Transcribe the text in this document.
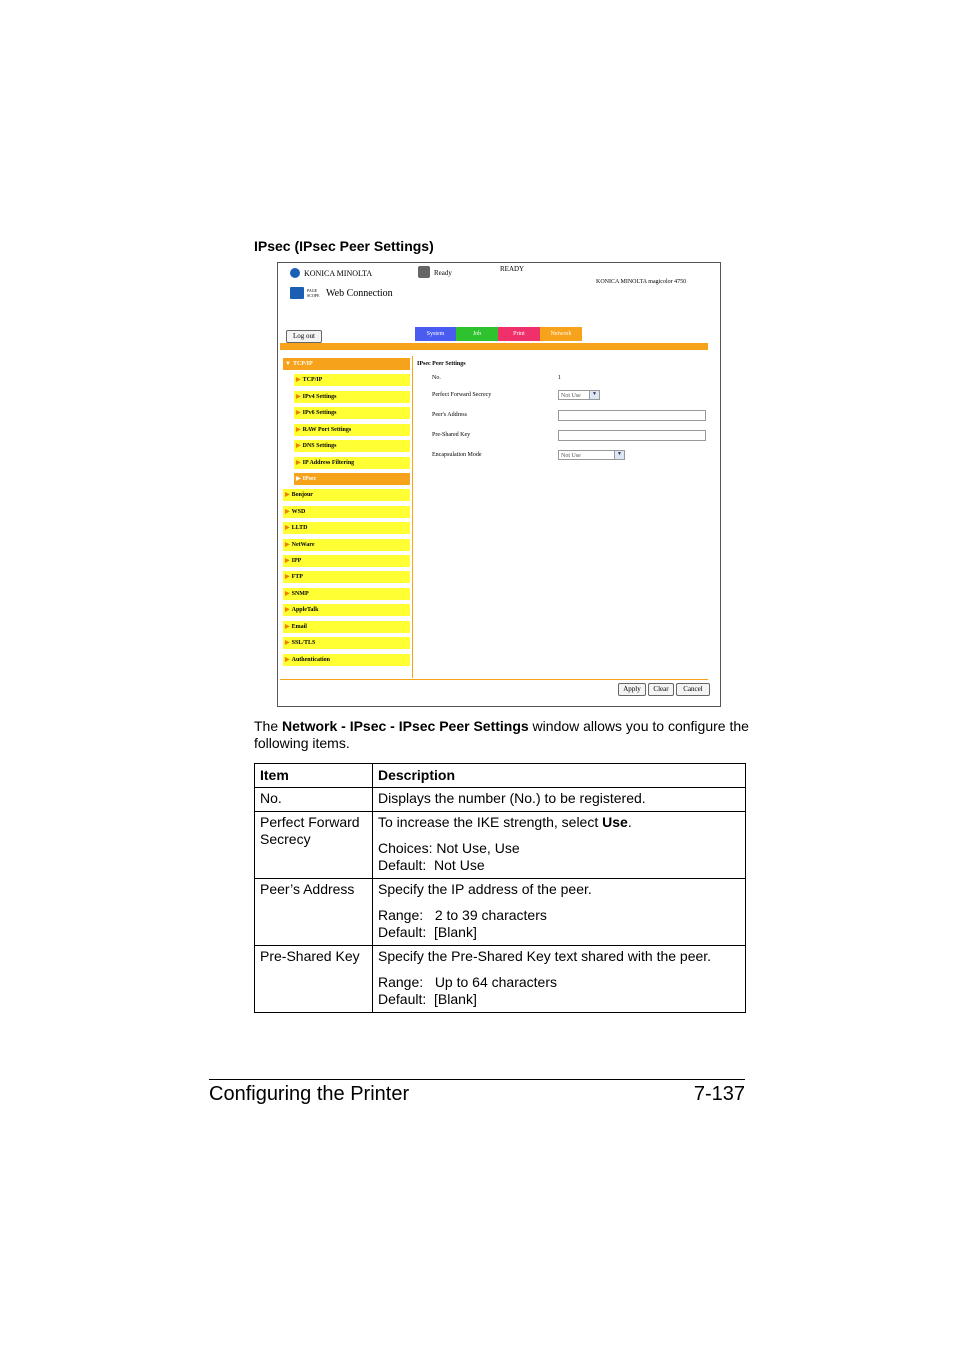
IPsec (IPsec Peer Settings)
KONICA MINOLTA
PAGE SCOPE Web Connection
Ready	READY
KONICA MINOLTA magicolor 4750
Log out	System	Job	Print	Network
▼ TCP/IP
▶ TCP/IP
▶ IPv4 Settings
▶ IPv6 Settings
▶ RAW Port Settings
▶ DNS Settings
▶ IP Address Filtering
▶ IPsec
▶ Bonjour
▶ WSD
▶ LLTD
▶ NetWare
▶ IPP
▶ FTP
▶ SNMP
▶ AppleTalk
▶ Email
▶ SSL/TLS
▶ Authentication
IPsec Peer Settings
No.	1
Perfect Forward Secrecy	Not Use	▼
Peer's Address
Pre-Shared Key
Encapsulation Mode	Not Use	▼
Apply	Clear	Cancel
The Network - IPsec - IPsec Peer Settings window allows you to configure the following items.
Item	Description
No.	Displays the number (No.) to be registered.
Perfect Forward Secrecy	To increase the IKE strength, select Use.

Choices: Not Use, Use

Default:  Not Use

Peer’s Address	Specify the IP address of the peer.

Range:   2 to 39 characters

Default:  [Blank]

Pre-Shared Key	Specify the Pre-Shared Key text shared with the peer.

Range:   Up to 64 characters

Default:  [Blank]

Configuring the Printer	7-137
